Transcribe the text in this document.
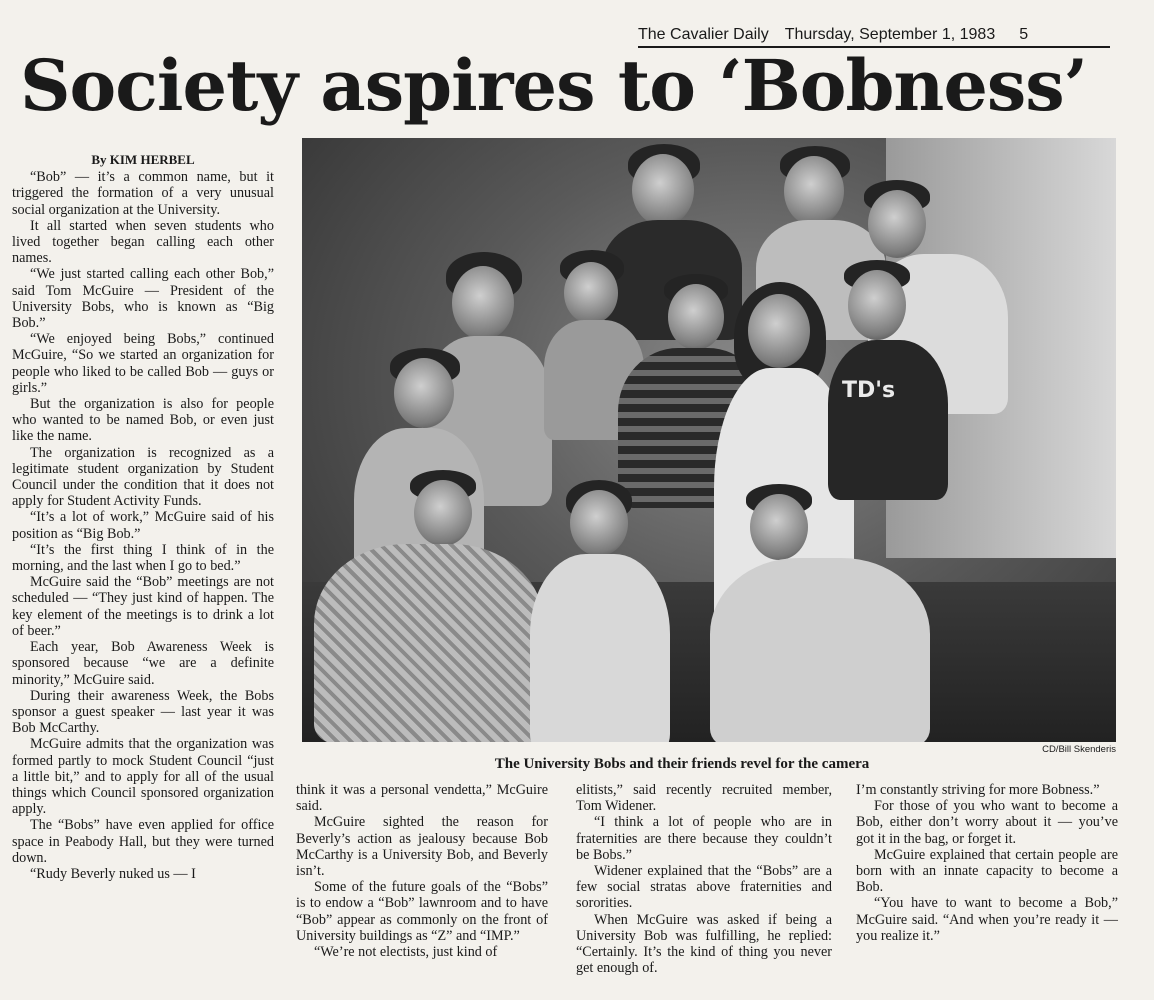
The Cavalier Daily Thursday, September 1, 1983 5
Society aspires to ‘Bobness’
By KIM HERBEL

“Bob” — it’s a common name, but it triggered the formation of a very unusual social organization at the University.

It all started when seven students who lived together began calling each other names.

“We just started calling each other Bob,” said Tom McGuire — President of the University Bobs, who is known as “Big Bob.”

“We enjoyed being Bobs,” continued McGuire, “So we started an organization for people who liked to be called Bob — guys or girls.”

But the organization is also for people who wanted to be named Bob, or even just like the name.

The organization is recognized as a legitimate student organization by Student Council under the condition that it does not apply for Student Activity Funds.

“It’s a lot of work,” McGuire said of his position as “Big Bob.”

“It’s the first thing I think of in the morning, and the last when I go to bed.”

McGuire said the “Bob” meetings are not scheduled — “They just kind of happen. The key element of the meetings is to drink a lot of beer.”

Each year, Bob Awareness Week is sponsored because “we are a definite minority,” McGuire said.

During their awareness Week, the Bobs sponsor a guest speaker — last year it was Bob McCarthy.

McGuire admits that the organization was formed partly to mock Student Council “just a little bit,” and to apply for all of the usual things which Council sponsored organization apply.

The “Bobs” have even applied for office space in Peabody Hall, but they were turned down.

“Rudy Beverly nuked us — I

TD's
CD/Bill Skenderis
The University Bobs and their friends revel for the camera

think it was a personal vendetta,” McGuire said.

McGuire sighted the reason for Beverly’s action as jealousy because Bob McCarthy is a University Bob, and Beverly isn’t.

Some of the future goals of the “Bobs” is to endow a “Bob” lawnroom and to have “Bob” appear as commonly on the front of University buildings as “Z” and “IMP.”

“We’re not electists, just kind of

elitists,” said recently recruited member, Tom Widener.

“I think a lot of people who are in fraternities are there because they couldn’t be Bobs.”

Widener explained that the “Bobs” are a few social stratas above fraternities and sororities.

When McGuire was asked if being a University Bob was fulfilling, he replied: “Certainly. It’s the kind of thing you never get enough of.

I’m constantly striving for more Bobness.”

For those of you who want to become a Bob, either don’t worry about it — you’ve got it in the bag, or forget it.

McGuire explained that certain people are born with an innate capacity to become a Bob.

“You have to want to become a Bob,” McGuire said. “And when you’re ready it — you realize it.”
